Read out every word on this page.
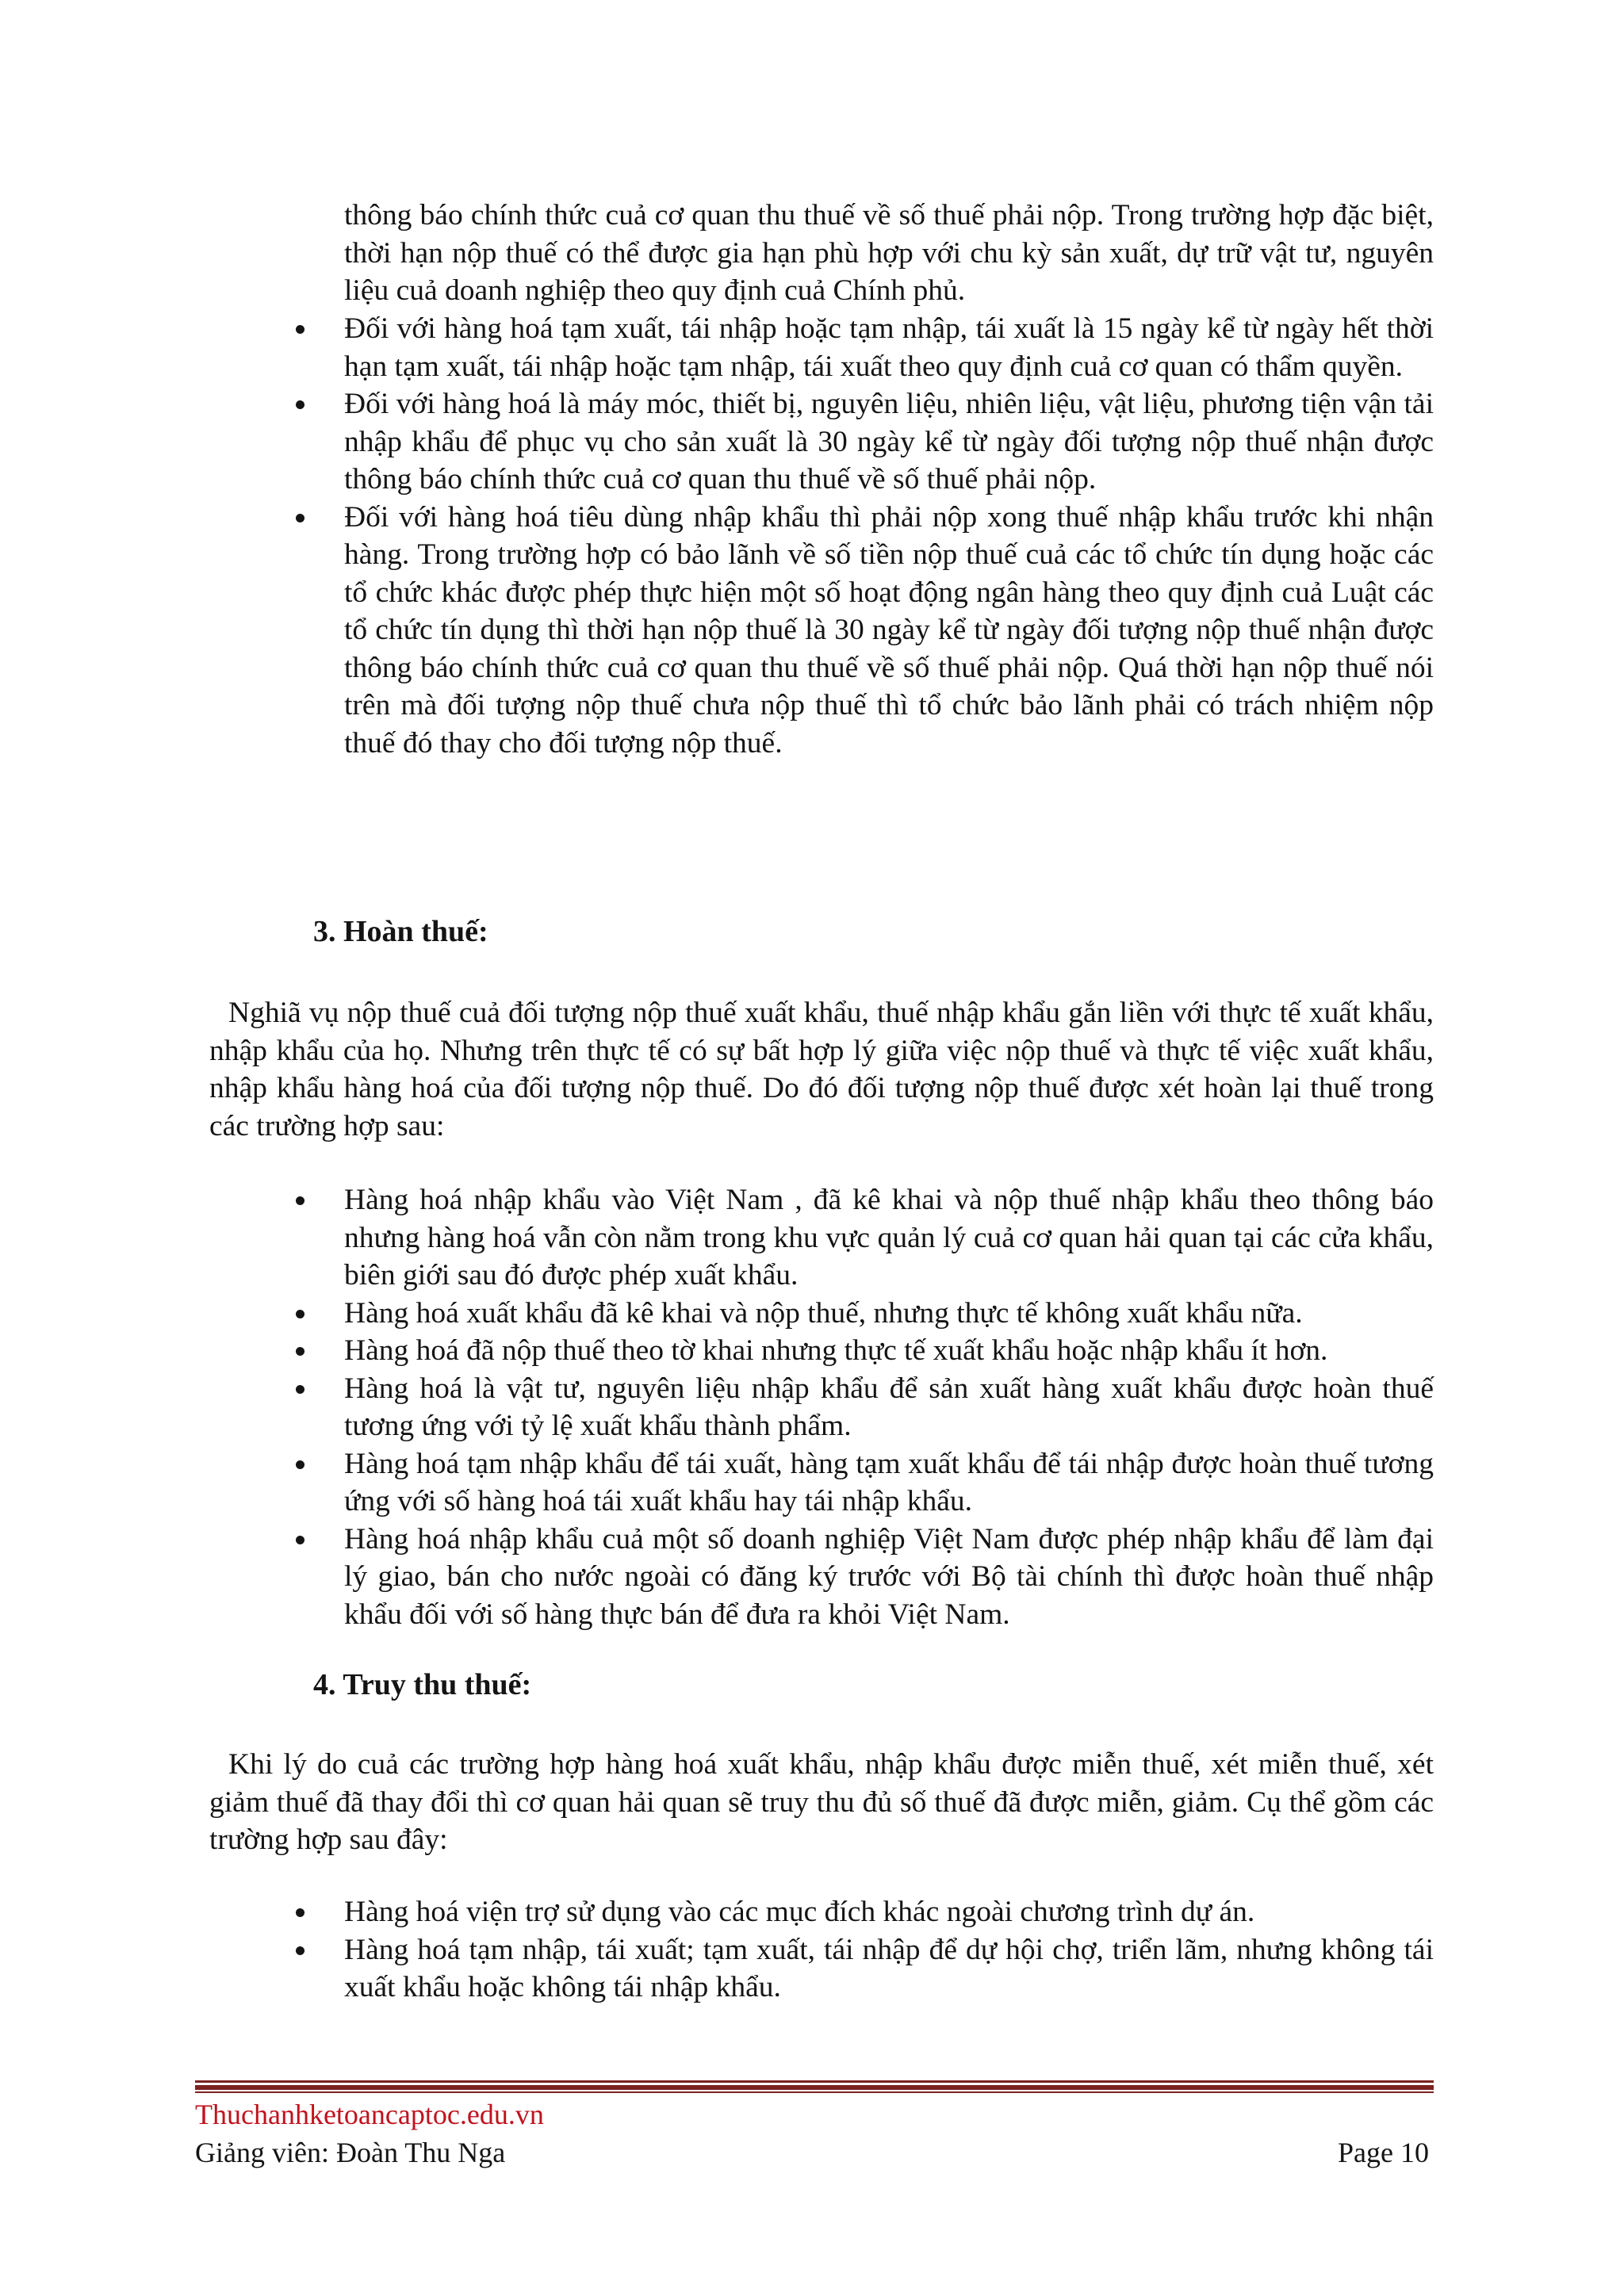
thông báo chính thức cuả cơ quan thu thuế về số thuế phải nộp. Trong trường hợp đặc biệt, thời hạn nộp thuế có thể được gia hạn phù hợp với chu kỳ sản xuất, dự trữ vật tư, nguyên liệu cuả doanh nghiệp theo quy định cuả Chính phủ.

Đối với hàng hoá tạm xuất, tái nhập hoặc tạm nhập, tái xuất là 15 ngày kể từ ngày hết thời hạn tạm xuất, tái nhập hoặc tạm nhập, tái xuất theo quy định cuả cơ quan có thẩm quyền.
Đối với hàng hoá là máy móc, thiết bị, nguyên liệu, nhiên liệu, vật liệu, phương tiện vận tải nhập khẩu để phục vụ cho sản xuất là 30 ngày kể từ ngày đối tượng nộp thuế nhận được thông báo chính thức cuả cơ quan thu thuế về số thuế phải nộp.
Đối với hàng hoá tiêu dùng nhập khẩu thì phải nộp xong thuế nhập khẩu trước khi nhận hàng. Trong trường hợp có bảo lãnh về số tiền nộp thuế cuả các tổ chức tín dụng hoặc các tổ chức khác được phép thực hiện một số hoạt động ngân hàng theo quy định cuả Luật các tổ chức tín dụng thì thời hạn nộp thuế là 30 ngày kể từ ngày đối tượng nộp thuế nhận được thông báo chính thức cuả cơ quan thu thuế về số thuế phải nộp. Quá thời hạn nộp thuế nói trên mà đối tượng nộp thuế chưa nộp thuế thì tổ chức bảo lãnh phải có trách nhiệm nộp thuế đó thay cho đối tượng nộp thuế.
3. Hoàn thuế:

Nghiã vụ nộp thuế cuả đối tượng nộp thuế xuất khẩu, thuế nhập khẩu gắn liền với thực tế xuất khẩu, nhập khẩu của họ. Nhưng trên thực tế có sự bất hợp lý giữa việc nộp thuế và thực tế việc xuất khẩu, nhập khẩu hàng hoá của đối tượng nộp thuế. Do đó đối tượng nộp thuế được xét hoàn lại thuế trong các trường hợp sau:

Hàng hoá nhập khẩu vào Việt Nam , đã kê khai và nộp thuế nhập khẩu theo thông báo nhưng hàng hoá vẫn còn nằm trong khu vực quản lý cuả cơ quan hải quan tại các cửa khẩu, biên giới sau đó được phép xuất khẩu.
Hàng hoá xuất khẩu đã kê khai và nộp thuế, nhưng thực tế không xuất khẩu nữa.
Hàng hoá đã nộp thuế theo tờ khai nhưng thực tế xuất khẩu hoặc nhập khẩu ít hơn.
Hàng hoá là vật tư, nguyên liệu nhập khẩu để sản xuất hàng xuất khẩu được hoàn thuế tương ứng với tỷ lệ xuất khẩu thành phẩm.
Hàng hoá tạm nhập khẩu để tái xuất, hàng tạm xuất khẩu để tái nhập được hoàn thuế tương ứng với số hàng hoá tái xuất khẩu hay tái nhập khẩu.
Hàng hoá nhập khẩu cuả một số doanh nghiệp Việt Nam được phép nhập khẩu để làm đại lý giao, bán cho nước ngoài có đăng ký trước với Bộ tài chính thì được hoàn thuế nhập khẩu đối với số hàng thực bán để đưa ra khỏi Việt Nam.
4. Truy thu thuế:

Khi lý do cuả các trường hợp hàng hoá xuất khẩu, nhập khẩu được miễn thuế, xét miễn thuế, xét giảm thuế đã thay đổi thì cơ quan hải quan sẽ truy thu đủ số thuế đã được miễn, giảm. Cụ thể gồm các trường hợp sau đây:

Hàng hoá viện trợ sử dụng vào các mục đích khác ngoài chương trình dự án.
Hàng hoá tạm nhập, tái xuất; tạm xuất, tái nhập để dự hội chợ, triển lãm, nhưng không tái xuất khẩu hoặc không tái nhập khẩu.
Thuchanhketoancaptoc.edu.vn
Giảng viên: Đoàn Thu Nga	Page 10
